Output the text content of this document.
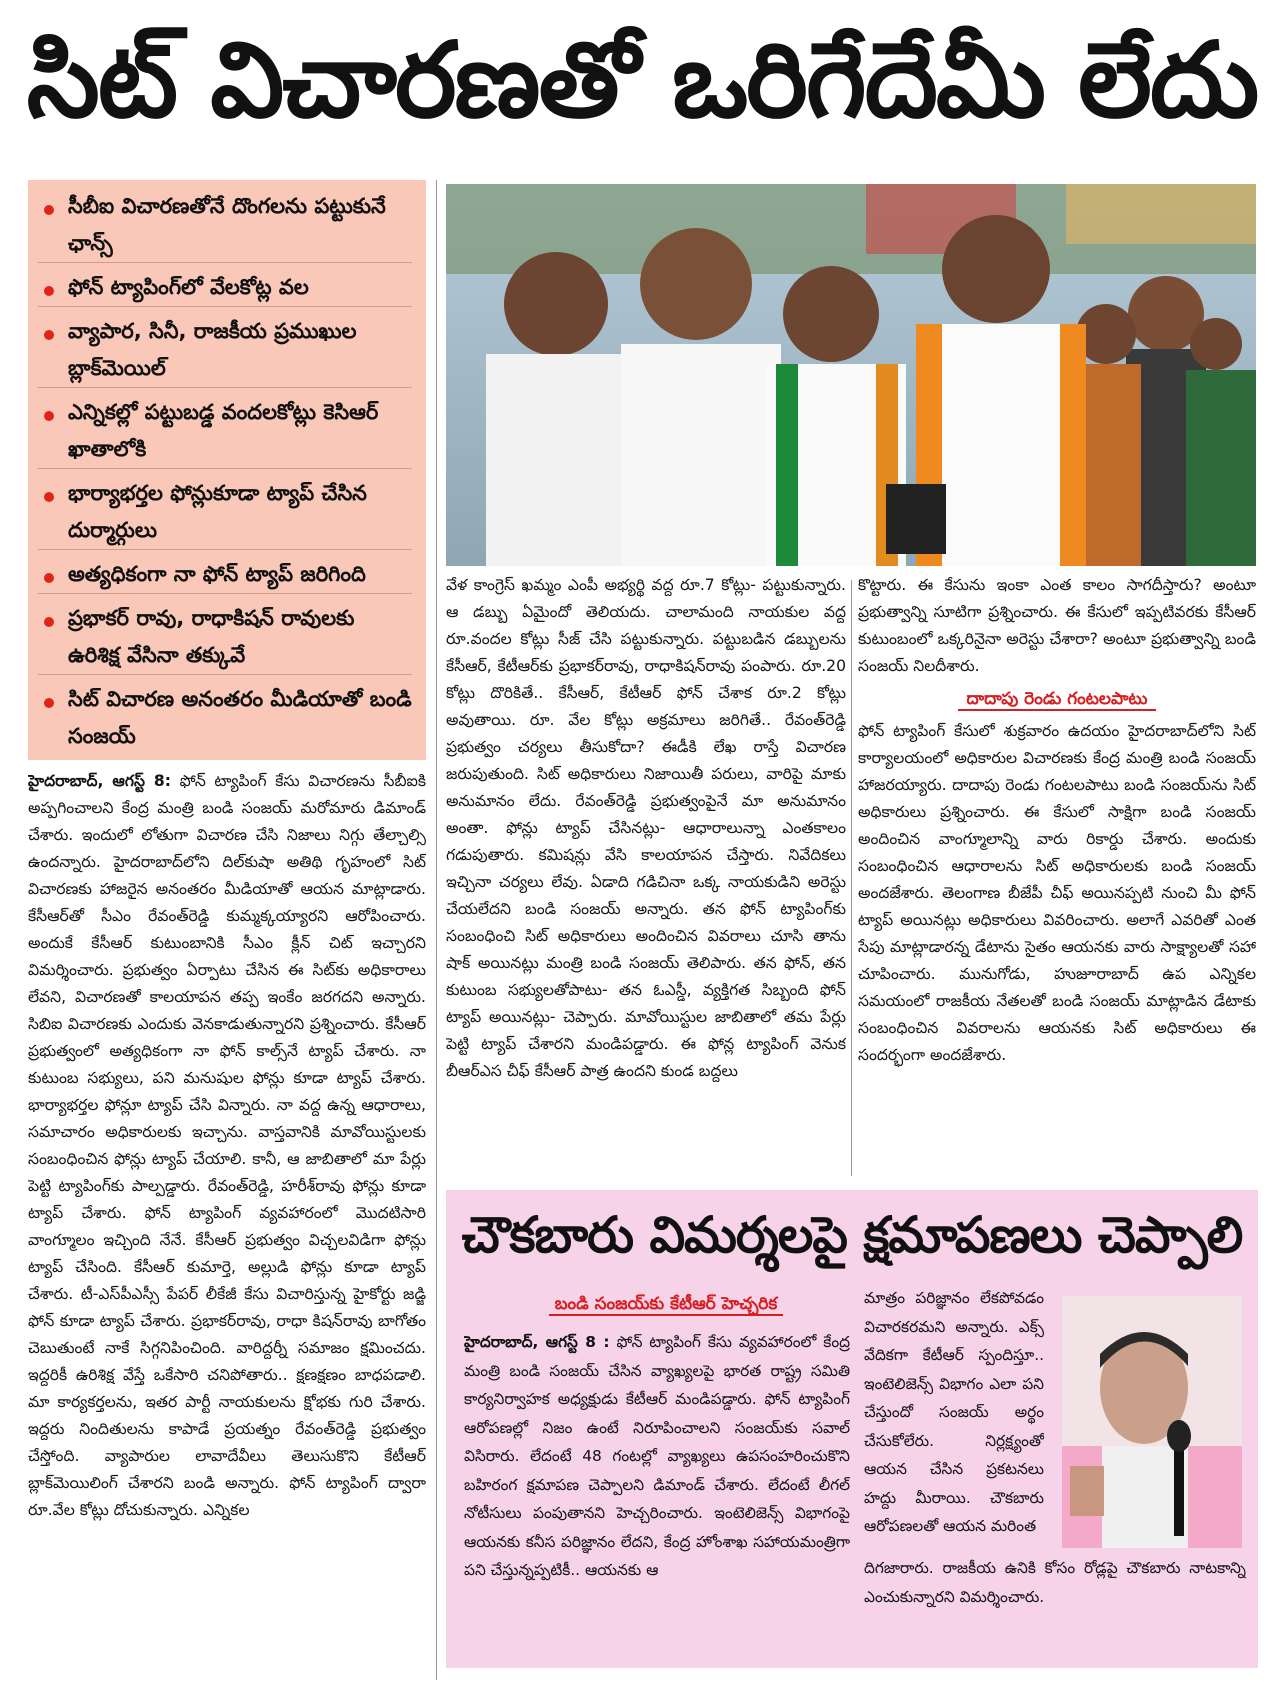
సిట్ విచారణతో ఒరిగేదేమీ లేదు
సీబీఐ విచారణతోనే దొంగలను పట్టుకునే ఛాన్స్
ఫోన్ ట్యాపింగ్‌లో వేలకోట్ల వల
వ్యాపార, సినీ, రాజకీయ ప్రముఖుల బ్లాక్‌మెయిల్
ఎన్నికల్లో పట్టుబడ్డ వందలకోట్లు కెసిఆర్ ఖాతాలోకి
భార్యాభర్తల ఫోన్లుకూడా ట్యాప్ చేసిన దుర్మార్గులు
అత్యధికంగా నా ఫోన్ ట్యాప్ జరిగింది
ప్రభాకర్ రావు, రాధాకిషన్ రావులకు ఉరిశిక్ష వేసినా తక్కువే
సిట్ విచారణ అనంతరం మీడియాతో బండి సంజయ్

హైదరాబాద్, ఆగస్ట్ 8: ఫోన్ ట్యాపింగ్ కేసు విచారణను సీబీఐకి అప్పగించాలని కేంద్ర మంత్రి బండి సంజయ్ మరోమారు డిమాండ్ చేశారు. ఇందులో లోతుగా విచారణ చేసి నిజాలు నిగ్గు తేల్చాల్సి ఉందన్నారు. హైదరాబాద్‌లోని దిల్‌కుషా అతిథి గృహంలో సిట్ విచారణకు హాజరైన అనంతరం మీడియాతో ఆయన మాట్లాడారు. కేసీఆర్‌తో సీఎం రేవంత్‌రెడ్డి కుమ్మక్కయ్యారని ఆరోపించారు. అందుకే కేసీఆర్ కుటుంబానికి సీఎం క్లీన్ చిట్ ఇచ్చారని విమర్శించారు. ప్రభుత్వం ఏర్పాటు చేసిన ఈ సిట్‌కు అధికారాలు లేవని, విచారణతో కాలయాపన తప్ప ఇంకేం జరగదని అన్నారు. సిబిఐ విచారణకు ఎందుకు వెనకాడుతున్నారని ప్రశ్నించారు. కేసీఆర్ ప్రభుత్వంలో అత్యధికంగా నా ఫోన్ కాల్స్‌నే ట్యాప్ చేశారు. నా కుటుంబ సభ్యులు, పని మనుషుల ఫోన్లు కూడా ట్యాప్ చేశారు. భార్యాభర్తల ఫోన్లూ ట్యాప్ చేసి విన్నారు. నా వద్ద ఉన్న ఆధారాలు, సమాచారం అధికారులకు ఇచ్చాను. వాస్తవానికి మావోయిస్టులకు సంబంధించిన ఫోన్లు ట్యాప్ చేయాలి. కానీ, ఆ జాబితాలో మా పేర్లు పెట్టి ట్యాపింగ్‌కు పాల్పడ్డారు. రేవంత్‌రెడ్డి, హరీశ్‌రావు ఫోన్లు కూడా ట్యాప్ చేశారు. ఫోన్ ట్యాపింగ్ వ్యవహారంలో మొదటిసారి వాంగ్మూలం ఇచ్చింది నేనే. కేసీఆర్ ప్రభుత్వం విచ్చలవిడిగా ఫోన్లు ట్యాప్ చేసింది. కేసీఆర్ కుమార్తె, అల్లుడి ఫోన్లు కూడా ట్యాప్ చేశారు. టీ-ఎస్‌పీఎస్సీ పేపర్ లీకేజీ కేసు విచారిస్తున్న హైకోర్టు జడ్జి ఫోన్ కూడా ట్యాప్ చేశారు. ప్రభాకర్‌రావు, రాధా కిషన్‌రావు బాగోతం చెబుతుంటే నాకే సిగ్గనిపించింది. వారిద్దర్నీ సమాజం క్షమించదు. ఇద్దరికీ ఉరిశిక్ష వేస్తే ఒకేసారి చనిపోతారు.. క్షణక్షణం బాధపడాలి. మా కార్యకర్తలను, ఇతర పార్టీ నాయకులను క్షోభకు గురి చేశారు. ఇద్దరు నిందితులను కాపాడే ప్రయత్నం రేవంత్‌రెడ్డి ప్రభుత్వం చేస్తోంది. వ్యాపారుల లావాదేవీలు తెలుసుకొని కేటీఆర్ బ్లాక్‌మెయిలింగ్ చేశారని బండి అన్నారు. ఫోన్ ట్యాపింగ్ ద్వారా రూ.వేల కోట్లు దోచుకున్నారు. ఎన్నికల

వేళ కాంగ్రెస్ ఖమ్మం ఎంపీ అభ్యర్థి వద్ద రూ.7 కోట్లు- పట్టుకున్నారు. ఆ డబ్బు ఏమైందో తెలియదు. చాలామంది నాయకుల వద్ద రూ.వందల కోట్లు సీజ్ చేసి పట్టుకున్నారు. పట్టుబడిన డబ్బులను కేసీఆర్, కేటీఆర్‌కు ప్రభాకర్‌రావు, రాధాకిషన్‌రావు పంపారు. రూ.20 కోట్లు దొరికితే.. కేసీఆర్, కేటీఆర్ ఫోన్ చేశాక రూ.2 కోట్లు అవుతాయి. రూ. వేల కోట్లు అక్రమాలు జరిగితే.. రేవంత్‌రెడ్డి ప్రభుత్వం చర్యలు తీసుకోదా? ఈడీకి లేఖ రాస్తే విచారణ జరుపుతుంది. సిట్ అధికారులు నిజాయితీ పరులు, వారిపై మాకు అనుమానం లేదు. రేవంత్‌రెడ్డి ప్రభుత్వంపైనే మా అనుమానం అంతా. ఫోన్లు ట్యాప్ చేసినట్లు- ఆధారాలున్నా ఎంతకాలం గడుపుతారు. కమిషన్లు వేసి కాలయాపన చేస్తారు. నివేదికలు ఇచ్చినా చర్యలు లేవు. ఏడాది గడిచినా ఒక్క నాయకుడిని అరెస్టు చేయలేదని బండి సంజయ్ అన్నారు. తన ఫోన్ ట్యాపింగ్‌కు సంబంధించి సిట్ అధికారులు అందించిన వివరాలు చూసి తాను షాక్ అయినట్లు మంత్రి బండి సంజయ్ తెలిపారు. తన ఫోన్, తన కుటుంబ సభ్యులతోపాటు- తన ఓఎస్డీ, వ్యక్తిగత సిబ్బంది ఫోన్ ట్యాప్ అయినట్లు- చెప్పారు. మావోయిస్టుల జాబితాలో తమ పేర్లు పెట్టి ట్యాప్ చేశారని మండిపడ్డారు. ఈ ఫోన్ల ట్యాపింగ్ వెనుక బీఆర్ఎస చీఫ్ కేసీఆర్ పాత్ర ఉందని కుండ బద్దలు

కొట్టారు. ఈ కేసును ఇంకా ఎంత కాలం సాగదీస్తారు? అంటూ ప్రభుత్వాన్ని సూటిగా ప్రశ్నించారు. ఈ కేసులో ఇప్పటివరకు కేసీఆర్ కుటుంబంలో ఒక్కరినైనా అరెస్టు చేశారా? అంటూ ప్రభుత్వాన్ని బండి సంజయ్ నిలదీశారు.

దాదాపు రెండు గంటలపాటు

ఫోన్ ట్యాపింగ్ కేసులో శుక్రవారం ఉదయం హైదరాబాద్‌లోని సిట్ కార్యాలయంలో అధికారుల విచారణకు కేంద్ర మంత్రి బండి సంజయ్ హాజరయ్యారు. దాదాపు రెండు గంటలపాటు బండి సంజయ్‌ను సిట్ అధికారులు ప్రశ్నించారు. ఈ కేసులో సాక్షిగా బండి సంజయ్ అందించిన వాంగ్మూలాన్ని వారు రికార్డు చేశారు. అందుకు సంబంధించిన ఆధారాలను సిట్ అధికారులకు బండి సంజయ్ అందజేశారు. తెలంగాణ బీజేపీ చీఫ్ అయినప్పటి నుంచి మీ ఫోన్ ట్యాప్ అయినట్లు అధికారులు వివరించారు. అలాగే ఎవరితో ఎంత సేపు మాట్లాడారన్న డేటాను సైతం ఆయనకు వారు సాక్ష్యాలతో సహా చూపించారు. మునుగోడు, హుజూరాబాద్ ఉప ఎన్నికల సమయంలో రాజకీయ నేతలతో బండి సంజయ్ మాట్లాడిన డేటాకు సంబంధించిన వివరాలను ఆయనకు సిట్ అధికారులు ఈ సందర్భంగా అందజేశారు.

చౌకబారు విమర్శలపై క్షమాపణలు చెప్పాలి
బండి సంజయ్‌కు కేటీఆర్ హెచ్చరిక
హైదరాబాద్, ఆగస్ట్ 8 : ఫోన్ ట్యాపింగ్ కేసు వ్యవహారంలో కేంద్ర మంత్రి బండి సంజయ్ చేసిన వ్యాఖ్యలపై భారత రాష్ట్ర సమితి కార్యనిర్వాహక అధ్యక్షుడు కేటీఆర్ మండిపడ్డారు. ఫోన్ ట్యాపింగ్ ఆరోపణల్లో నిజం ఉంటే నిరూపించాలని సంజయ్‌కు సవాల్ విసిరారు. లేదంటే 48 గంటల్లో వ్యాఖ్యలు ఉపసంహరించుకొని బహిరంగ క్షమాపణ చెప్పాలని డిమాండ్ చేశారు. లేదంటే లీగల్ నోటీసులు పంపుతానని హెచ్చరించారు. ఇంటెలిజెన్స్ విభాగంపై ఆయనకు కనీస పరిజ్ఞానం లేదని, కేంద్ర హోంశాఖ సహాయమంత్రిగా పని చేస్తున్నప్పటికీ.. ఆయనకు ఆ
మాత్రం పరిజ్ఞానం లేకపోవడం విచారకరమని అన్నారు. ఎక్స్ వేదికగా కేటీఆర్ స్పందిస్తూ.. ఇంటెలిజెన్స్ విభాగం ఎలా పని చేస్తుందో సంజయ్ అర్థం చేసుకోలేరు. నిర్లక్ష్యంతో ఆయన చేసిన ప్రకటనలు హద్దు మీరాయి. చౌకబారు ఆరోపణలతో ఆయన మరింత
దిగజారారు. రాజకీయ ఉనికి కోసం రోడ్లపై చౌకబారు నాటకాన్ని ఎంచుకున్నారని విమర్శించారు.
